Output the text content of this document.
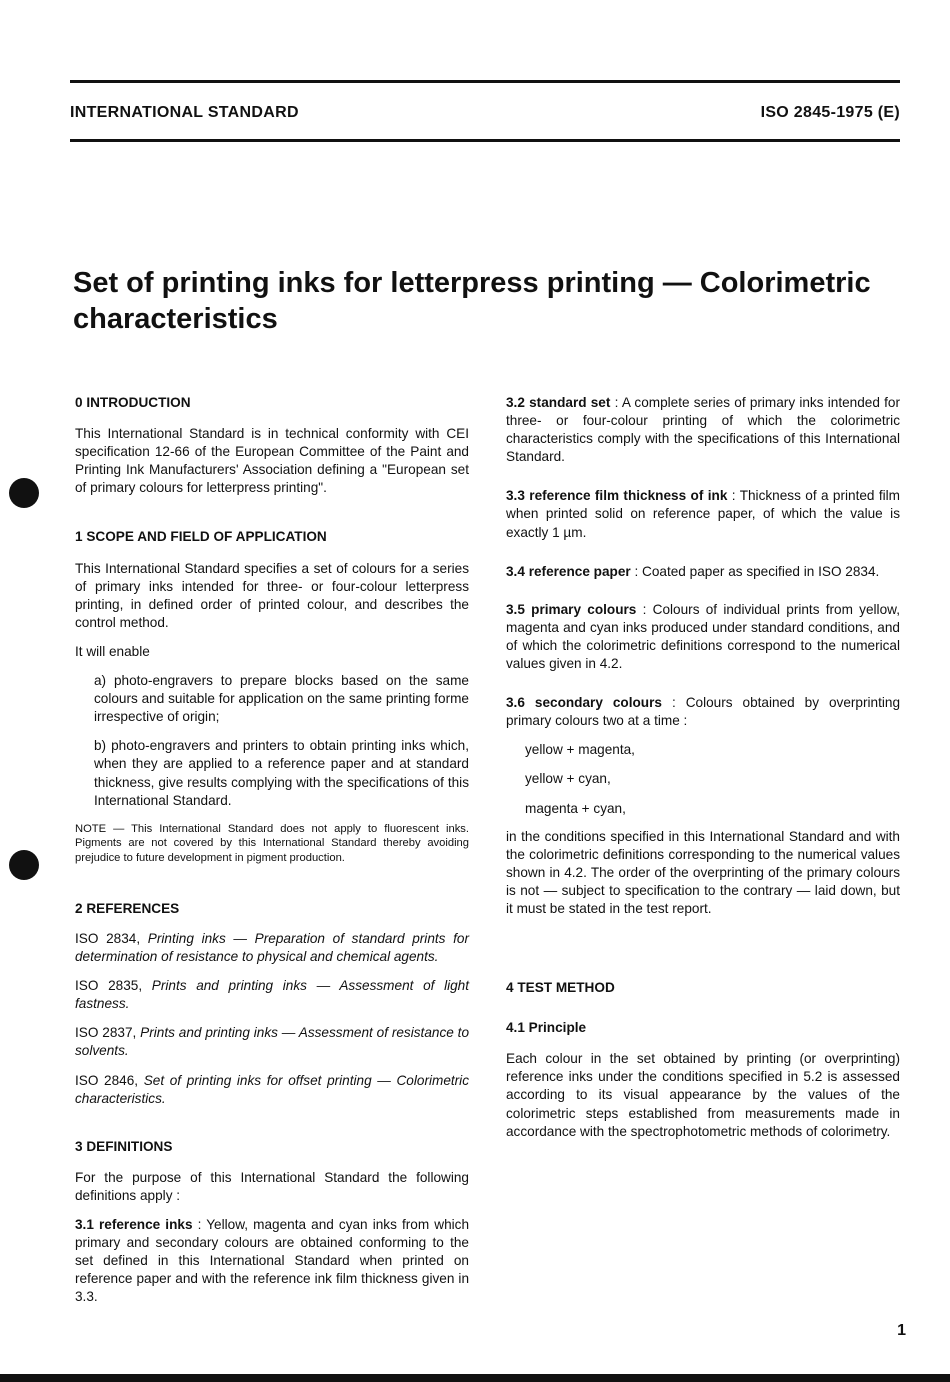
INTERNATIONAL STANDARD	ISO 2845-1975 (E)
Set of printing inks for letterpress printing — Colorimetric characteristics

0 INTRODUCTION

This International Standard is in technical conformity with CEI specification 12-66 of the European Committee of the Paint and Printing Ink Manufacturers' Association defining a "European set of primary colours for letterpress printing".

1 SCOPE AND FIELD OF APPLICATION

This International Standard specifies a set of colours for a series of primary inks intended for three- or four-colour letterpress printing, in defined order of printed colour, and describes the control method.

It will enable

a) photo-engravers to prepare blocks based on the same colours and suitable for application on the same printing forme irrespective of origin;

b) photo-engravers and printers to obtain printing inks which, when they are applied to a reference paper and at standard thickness, give results complying with the specifications of this International Standard.

NOTE — This International Standard does not apply to fluorescent inks. Pigments are not covered by this International Standard thereby avoiding prejudice to future development in pigment production.

2 REFERENCES

ISO 2834, Printing inks — Preparation of standard prints for determination of resistance to physical and chemical agents.

ISO 2835, Prints and printing inks — Assessment of light fastness.

ISO 2837, Prints and printing inks — Assessment of resistance to solvents.

ISO 2846, Set of printing inks for offset printing — Colorimetric characteristics.

3 DEFINITIONS

For the purpose of this International Standard the following definitions apply :

3.1 reference inks : Yellow, magenta and cyan inks from which primary and secondary colours are obtained conforming to the set defined in this International Standard when printed on reference paper and with the reference ink film thickness given in 3.3.

3.2 standard set : A complete series of primary inks intended for three- or four-colour printing of which the colorimetric characteristics comply with the specifications of this International Standard.

3.3 reference film thickness of ink : Thickness of a printed film when printed solid on reference paper, of which the value is exactly 1 µm.

3.4 reference paper : Coated paper as specified in ISO 2834.

3.5 primary colours : Colours of individual prints from yellow, magenta and cyan inks produced under standard conditions, and of which the colorimetric definitions correspond to the numerical values given in 4.2.

3.6 secondary colours : Colours obtained by overprinting primary colours two at a time :

yellow + magenta,

yellow + cyan,

magenta + cyan,

in the conditions specified in this International Standard and with the colorimetric definitions corresponding to the numerical values shown in 4.2. The order of the overprinting of the primary colours is not — subject to specification to the contrary — laid down, but it must be stated in the test report.

4 TEST METHOD

4.1 Principle

Each colour in the set obtained by printing (or overprinting) reference inks under the conditions specified in 5.2 is assessed according to its visual appearance by the values of the colorimetric steps established from measurements made in accordance with the spectrophotometric methods of colorimetry.

1
